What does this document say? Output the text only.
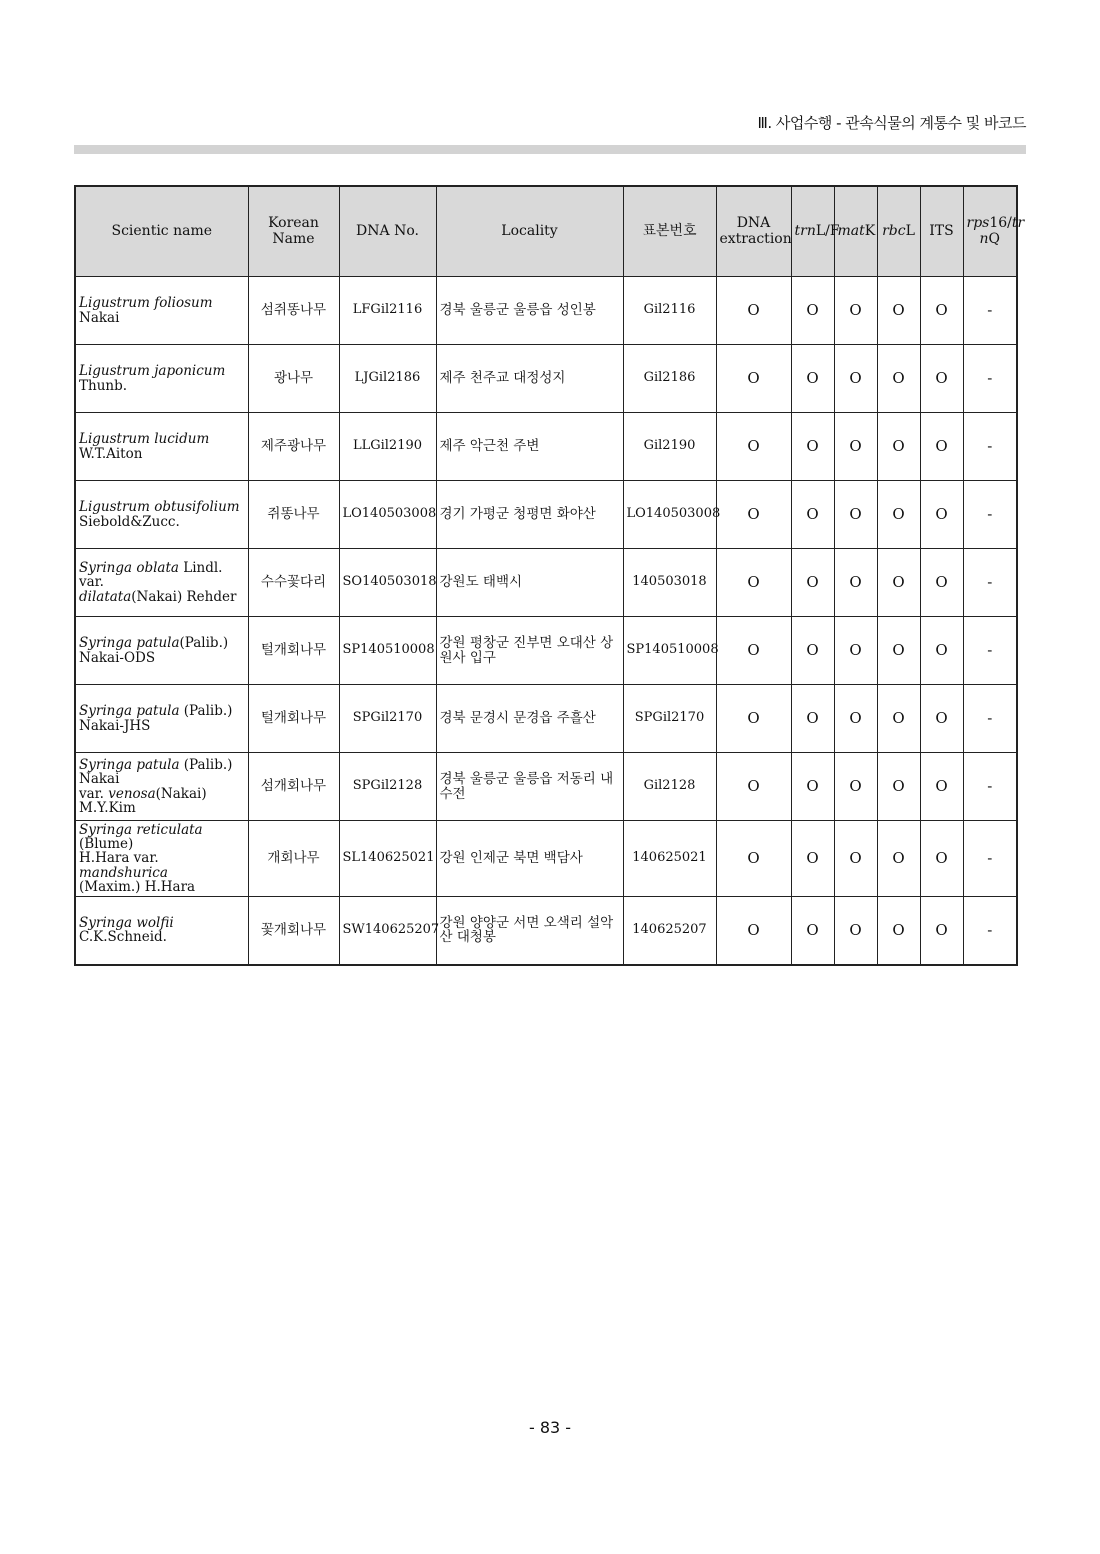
Ⅲ. 사업수행 - 관속식물의 계통수 및 바코드
Scientic name	Korean Name	DNA No.	Locality	표본번호	DNA extraction	trnL/F	matK	rbcL	ITS	rps16/tr
nQ
Ligustrum foliosum Nakai	섬쥐똥나무	LFGil2116	경북 울릉군 울릉읍 성인봉	Gil2116	O	O	O	O	O	-
Ligustrum japonicum
Thunb.	광나무	LJGil2186	제주 천주교 대정성지	Gil2186	O	O	O	O	O	-
Ligustrum lucidum
W.T.Aiton	제주광나무	LLGil2190	제주 악근천 주변	Gil2190	O	O	O	O	O	-
Ligustrum obtusifolium
Siebold&Zucc.	쥐똥나무	LO140503008	경기 가평군 청평면 화야산	LO140503008	O	O	O	O	O	-
Syringa oblata Lindl. var.
dilatata(Nakai) Rehder	수수꽃다리	SO140503018	강원도 태백시	140503018	O	O	O	O	O	-
Syringa patula(Palib.)
Nakai-ODS	털개회나무	SP140510008	강원 평창군 진부면 오대산 상원사 입구	SP140510008	O	O	O	O	O	-
Syringa patula (Palib.)
Nakai-JHS	털개회나무	SPGil2170	경북 문경시 문경읍 주흘산	SPGil2170	O	O	O	O	O	-
Syringa patula (Palib.) Nakai
var. venosa(Nakai) M.Y.Kim	섬개회나무	SPGil2128	경북 울릉군 울릉읍 저동리 내수전	Gil2128	O	O	O	O	O	-
Syringa reticulata (Blume)
H.Hara var. mandshurica
(Maxim.) H.Hara	개회나무	SL140625021	강원 인제군 북면 백담사	140625021	O	O	O	O	O	-
Syringa wolfii C.K.Schneid.	꽃개회나무	SW140625207	강원 양양군 서면 오색리 설악산 대청봉	140625207	O	O	O	O	O	-
- 83 -
